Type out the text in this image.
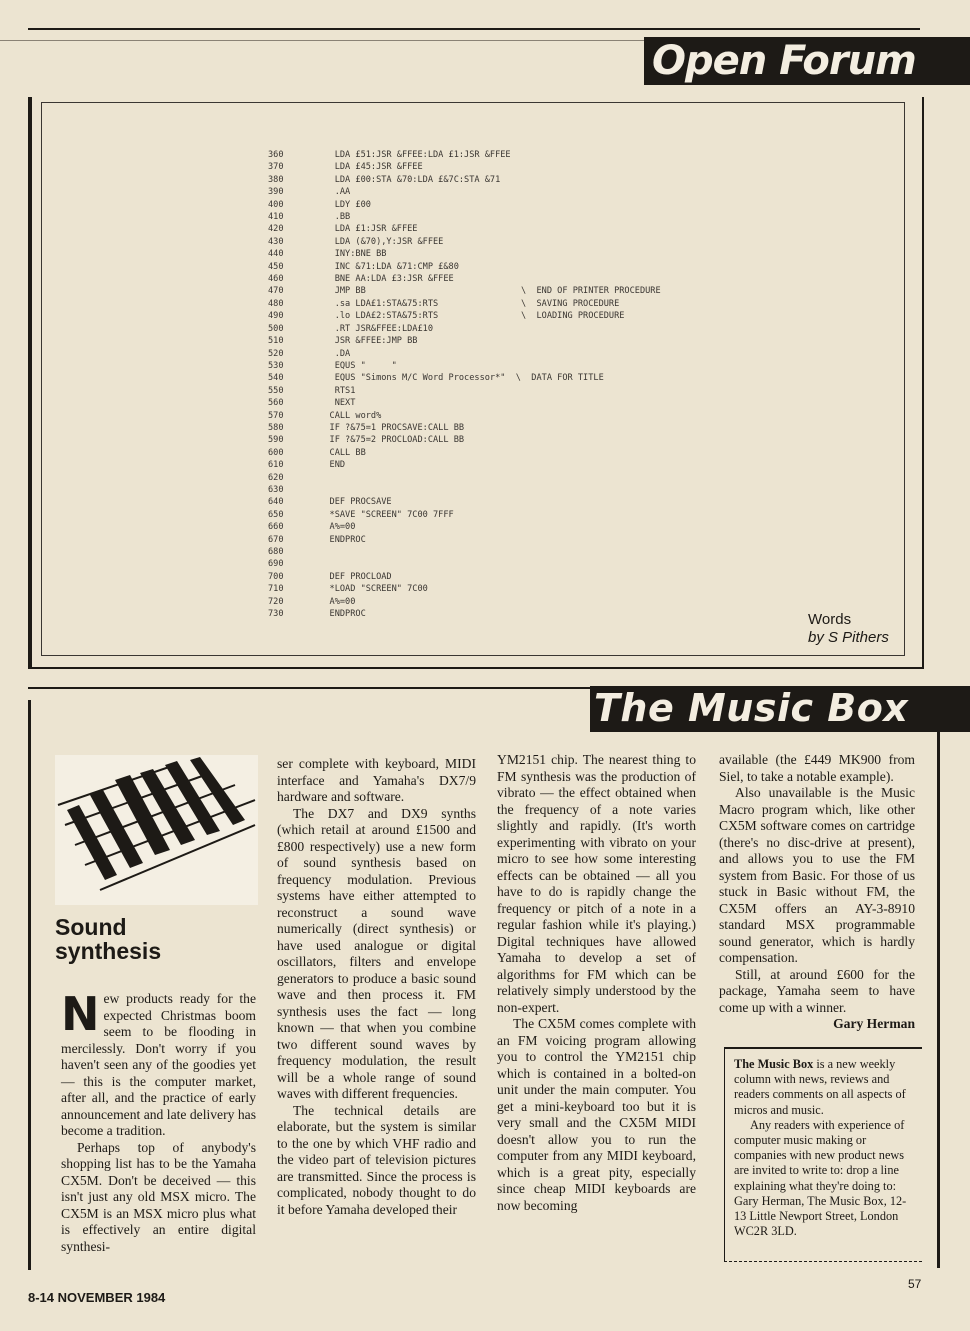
Open Forum
360	LDA £51:JSR &FFEE:LDA £1:JSR &FFEE
370	LDA £45:JSR &FFEE
380	LDA £00:STA &70:LDA £&7C:STA &71
390	.AA
400	LDY £00
410	.BB
420	LDA £1:JSR &FFEE
430	LDA (&70),Y:JSR &FFEE
440	INY:BNE BB
450	INC &71:LDA &71:CMP £&80
460	BNE AA:LDA £3:JSR &FFEE
470	JMP BB                              \  END OF PRINTER PROCEDURE
480	.sa LDA£1:STA&75:RTS                \  SAVING PROCEDURE
490	.lo LDA£2:STA&75:RTS                \  LOADING PROCEDURE
500	.RT JSR&FFEE:LDA£10
510	JSR &FFEE:JMP BB
520	.DA
530	EQUS "     "
540	EQUS "Simons M/C Word Processor*"  \  DATA FOR TITLE
550	RTS1
560	NEXT
570	CALL word%
580	IF ?&75=1 PROCSAVE:CALL BB
590	IF ?&75=2 PROCLOAD:CALL BB
600	CALL BB
610	END
620
630
640	DEF PROCSAVE
650	*SAVE "SCREEN" 7C00 7FFF
660	A%=00
670	ENDPROC
680
690
700	DEF PROCLOAD
710	*LOAD "SCREEN" 7C00
720	A%=00
730	ENDPROC	Words
by S Pithers
The Music Box
Sound
synthesis

New products ready for the expected Christmas boom seem to be flooding in mercilessly. Don't worry if you haven't seen any of the goodies yet — this is the computer market, after all, and the practice of early announcement and late delivery has become a tradition.

Perhaps top of anybody's shopping list has to be the Yamaha CX5M. Don't be deceived — this isn't just any old MSX micro. The CX5M is an MSX micro plus what is effectively an entire digital synthesi-

ser complete with keyboard, MIDI interface and Yamaha's DX7/9 hardware and software.

The DX7 and DX9 synths (which retail at around £1500 and £800 respectively) use a new form of sound synthesis based on frequency modulation. Previous systems have either attempted to reconstruct a sound wave numerically (direct synthesis) or have used analogue or digital oscillators, filters and envelope generators to produce a basic sound wave and then process it. FM synthesis uses the fact — long known — that when you combine two different sound waves by frequency modulation, the result will be a whole range of sound waves with different frequencies.

The technical details are elaborate, but the system is similar to the one by which VHF radio and the video part of television pictures are transmitted. Since the process is complicated, nobody thought to do it before Yamaha developed their

YM2151 chip. The nearest thing to FM synthesis was the production of vibrato — the effect obtained when the frequency of a note varies slightly and rapidly. (It's worth experimenting with vibrato on your micro to see how some interesting effects can be obtained — all you have to do is rapidly change the frequency or pitch of a note in a regular fashion while it's playing.) Digital techniques have allowed Yamaha to develop a set of algorithms for FM which can be relatively simply understood by the non-expert.

The CX5M comes complete with an FM voicing program allowing you to control the YM2151 chip which is contained in a bolted-on unit under the main computer. You get a mini-keyboard too but it is very small and the CX5M MIDI doesn't allow you to run the computer from any MIDI keyboard, which is a great pity, especially since cheap MIDI keyboards are now becoming

available (the £449 MK900 from Siel, to take a notable example).

Also unavailable is the Music Macro program which, like other CX5M software comes on cartridge (there's no disc-drive at present), and allows you to use the FM system from Basic. For those of us stuck in Basic without FM, the CX5M offers an AY-3-8910 standard MSX programmable sound generator, which is hardly compensation.

Still, at around £600 for the package, Yamaha seem to have come up with a winner.

Gary Herman

The Music Box is a new weekly column with news, reviews and readers comments on all aspects of micros and music.

Any readers with experience of computer music making or companies with new product news are invited to write to: drop a line explaining what they're doing to: Gary Herman, The Music Box, 12-13 Little Newport Street, London WC2R 3LD.

8-14 NOVEMBER 1984
57
